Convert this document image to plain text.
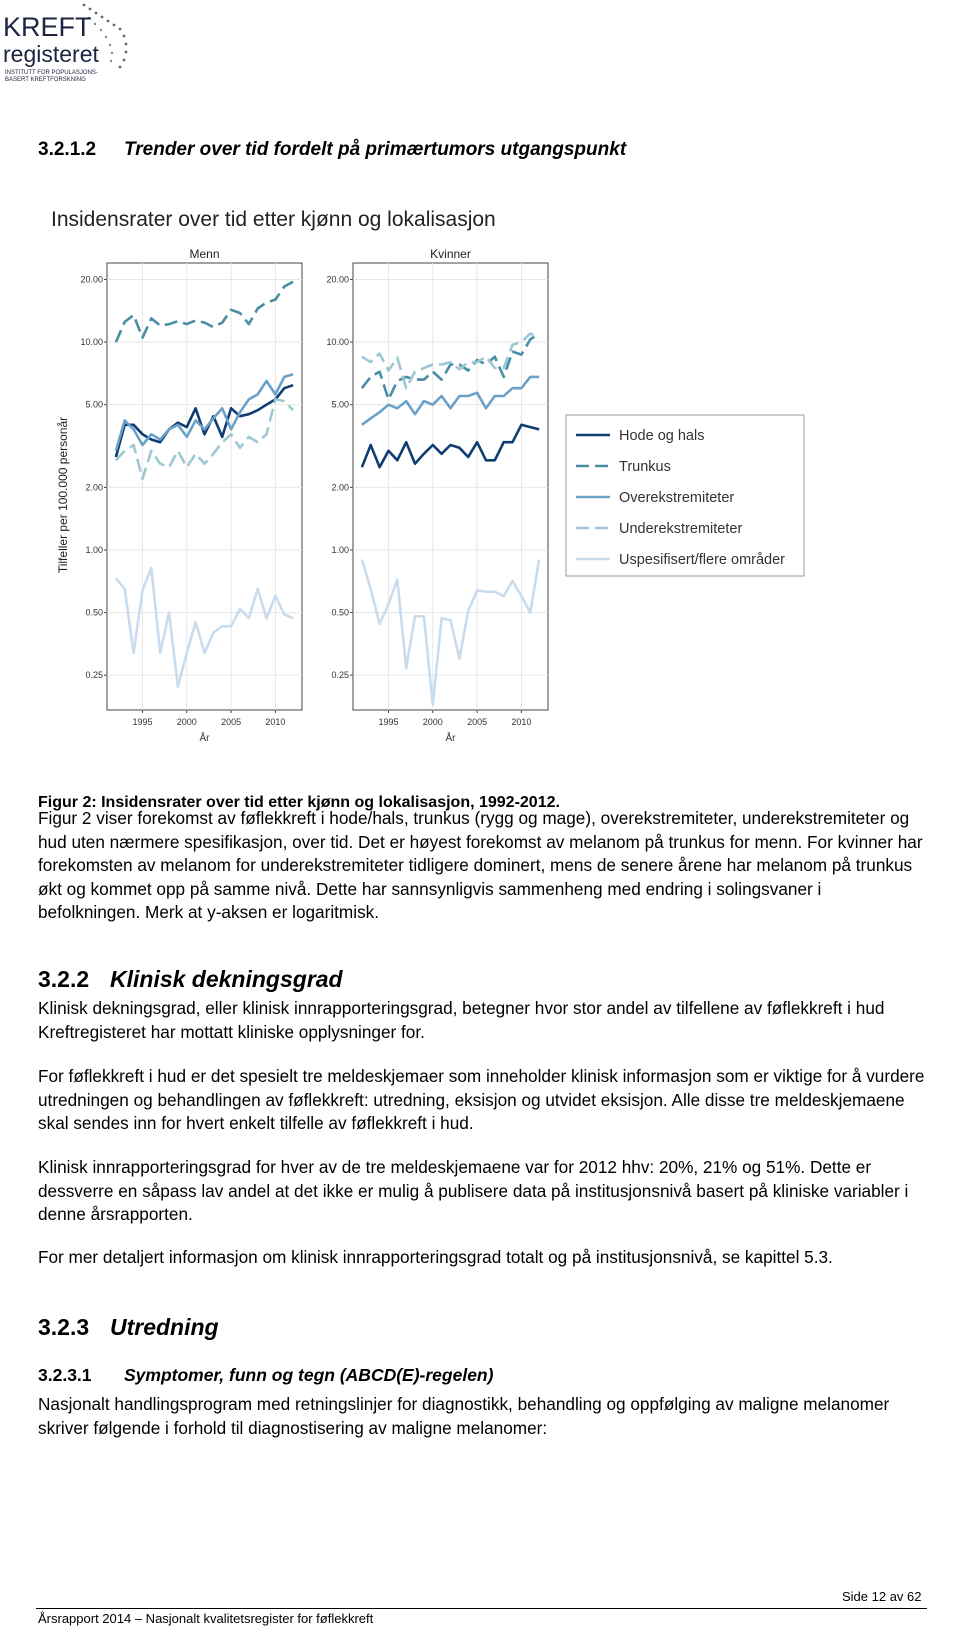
KREFT
registeret
INSTITUTT FOR POPULASJONS-
BASERT KREFTFORSKNING
3.2.1.2 Trender over tid fordelt på primærtumors utgangspunkt
Insidensrater over tid etter kjønn og lokalisasjon
Tilfeller per 100.000 personår
0.25
0.50
1.00
2.00
5.00
10.00
20.00
1995	2000	2005	2010
År
Menn
0.25
0.50
1.00
2.00
5.00
10.00
20.00
1995	2000	2005	2010
År
Kvinner
Hode og hals
Trunkus
Overekstremiteter
Underekstremiteter
Uspesifisert/flere områder
Figur 2: Insidensrater over tid etter kjønn og lokalisasjon, 1992-2012.
Figur 2 viser forekomst av føflekkreft i hode/hals, trunkus (rygg og mage), overekstremiteter, underekstremiteter og hud uten nærmere spesifikasjon, over tid. Det er høyest forekomst av melanom på trunkus for menn. For kvinner har forekomsten av melanom for underekstremiteter tidligere dominert, mens de senere årene har melanom på trunkus økt og kommet opp på samme nivå. Dette har sannsynligvis sammenheng med endring i solingsvaner i befolkningen. Merk at y-aksen er logaritmisk.
3.2.2 Klinisk dekningsgrad
Klinisk dekningsgrad, eller klinisk innrapporteringsgrad, betegner hvor stor andel av tilfellene av føflekkreft i hud Kreftregisteret har mottatt kliniske opplysninger for.
For føflekkreft i hud er det spesielt tre meldeskjemaer som inneholder klinisk informasjon som er viktige for å vurdere utredningen og behandlingen av føflekkreft: utredning, eksisjon og utvidet eksisjon. Alle disse tre meldeskjemaene skal sendes inn for hvert enkelt tilfelle av føflekkreft i hud.
Klinisk innrapporteringsgrad for hver av de tre meldeskjemaene var for 2012 hhv: 20%, 21% og 51%. Dette er dessverre en såpass lav andel at det ikke er mulig å publisere data på institusjonsnivå basert på kliniske variabler i denne årsrapporten.
For mer detaljert informasjon om klinisk innrapporteringsgrad totalt og på institusjonsnivå, se kapittel 5.3.
3.2.3 Utredning
3.2.3.1 Symptomer, funn og tegn (ABCD(E)-regelen)
Nasjonalt handlingsprogram med retningslinjer for diagnostikk, behandling og oppfølging av maligne melanomer skriver følgende i forhold til diagnostisering av maligne melanomer:
Side 12 av 62
Årsrapport 2014 – Nasjonalt kvalitetsregister for føflekkreft
